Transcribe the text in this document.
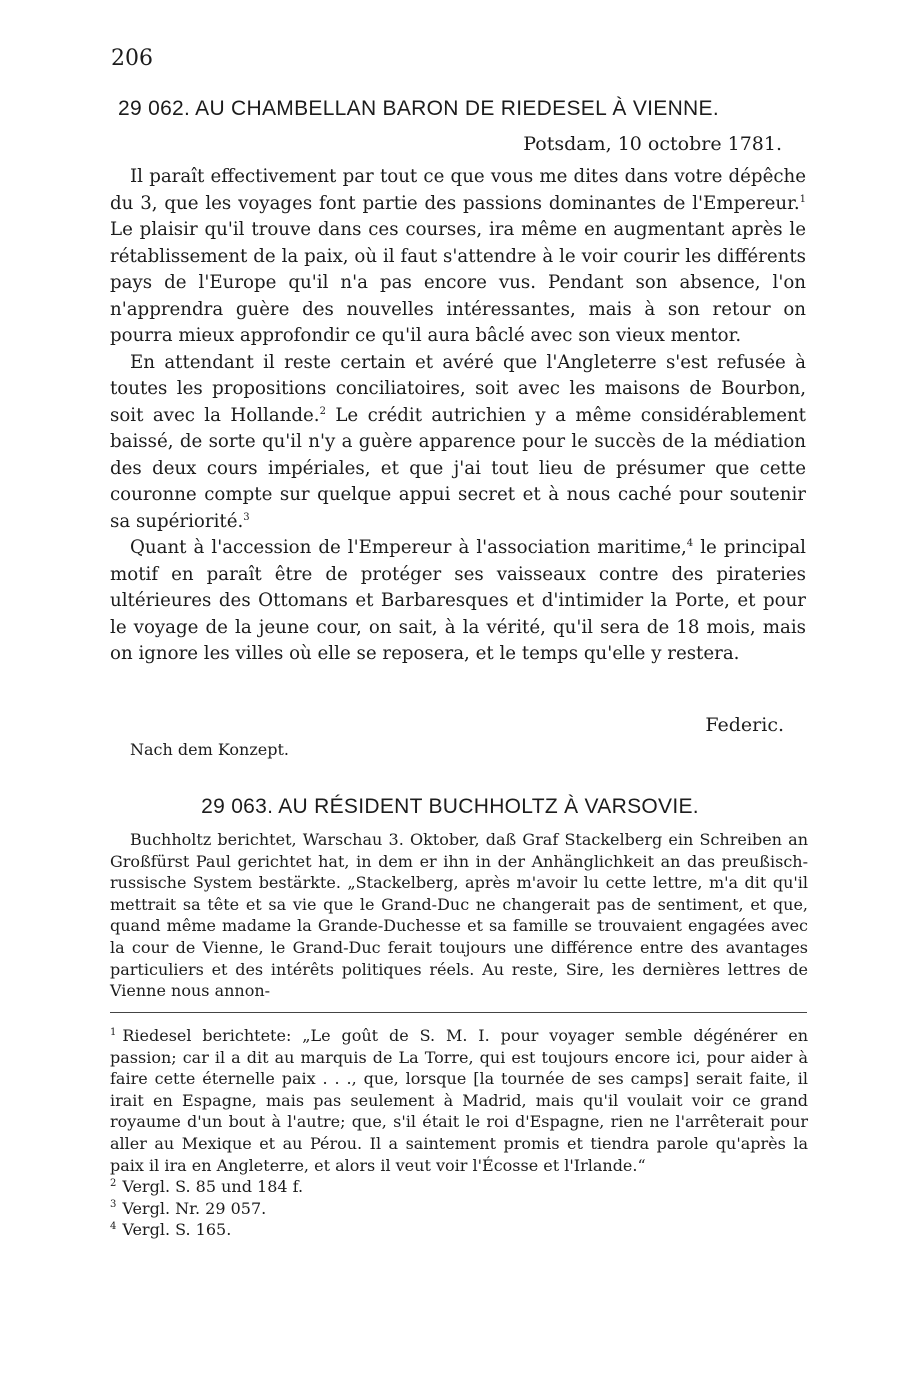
206
29 062. AU CHAMBELLAN BARON DE RIEDESEL À VIENNE.
Potsdam, 10 octobre 1781.

Il paraît effectivement par tout ce que vous me dites dans votre dépêche du 3, que les voyages font partie des passions dominantes de l'Empereur.$^1$ Le plaisir qu'il trouve dans ces courses, ira même en augmentant après le rétablissement de la paix, où il faut s'attendre à le voir courir les différents pays de l'Europe qu'il n'a pas encore vus. Pendant son absence, l'on n'apprendra guère des nouvelles intéressantes, mais à son retour on pourra mieux approfondir ce qu'il aura bâclé avec son vieux mentor.

En attendant il reste certain et avéré que l'Angleterre s'est refusée à toutes les propositions conciliatoires, soit avec les maisons de Bourbon, soit avec la Hollande.$^2$ Le crédit autrichien y a même considérablement baissé, de sorte qu'il n'y a guère apparence pour le succès de la médiation des deux cours impériales, et que j'ai tout lieu de présumer que cette couronne compte sur quelque appui secret et à nous caché pour soutenir sa supériorité.$^3$

Quant à l'accession de l'Empereur à l'association maritime,$^4$ le principal motif en paraît être de protéger ses vaisseaux contre des pirateries ultérieures des Ottomans et Barbaresques et d'intimider la Porte, et pour le voyage de la jeune cour, on sait, à la vérité, qu'il sera de 18 mois, mais on ignore les villes où elle se reposera, et le temps qu'elle y restera.

Federic.
Nach dem Konzept.
29 063. AU RÉSIDENT BUCHHOLTZ À VARSOVIE.

Buchholtz berichtet, Warschau 3. Oktober, daß Graf Stackelberg ein Schreiben an Großfürst Paul gerichtet hat, in dem er ihn in der Anhänglichkeit an das preußisch-russische System bestärkte. „Stackelberg, après m'avoir lu cette lettre, m'a dit qu'il mettrait sa tête et sa vie que le Grand-Duc ne changerait pas de sentiment, et que, quand même madame la Grande-Duchesse et sa famille se trouvaient engagées avec la cour de Vienne, le Grand-Duc ferait toujours une différence entre des avantages particuliers et des intérêts politiques réels. Au reste, Sire, les dernières lettres de Vienne nous annon-

$^1$ Riedesel berichtete: „Le goût de S. M. I. pour voyager semble dégénérer en passion; car il a dit au marquis de La Torre, qui est toujours encore ici, pour aider à faire cette éternelle paix . . ., que, lorsque [la tournée de ses camps] serait faite, il irait en Espagne, mais pas seulement à Madrid, mais qu'il voulait voir ce grand royaume d'un bout à l'autre; que, s'il était le roi d'Espagne, rien ne l'arrêterait pour aller au Mexique et au Pérou. Il a saintement promis et tiendra parole qu'après la paix il ira en Angleterre, et alors il veut voir l'Écosse et l'Irlande.“

$^2$ Vergl. S. 85 und 184 f.

$^3$ Vergl. Nr. 29 057.

$^4$ Vergl. S. 165.
